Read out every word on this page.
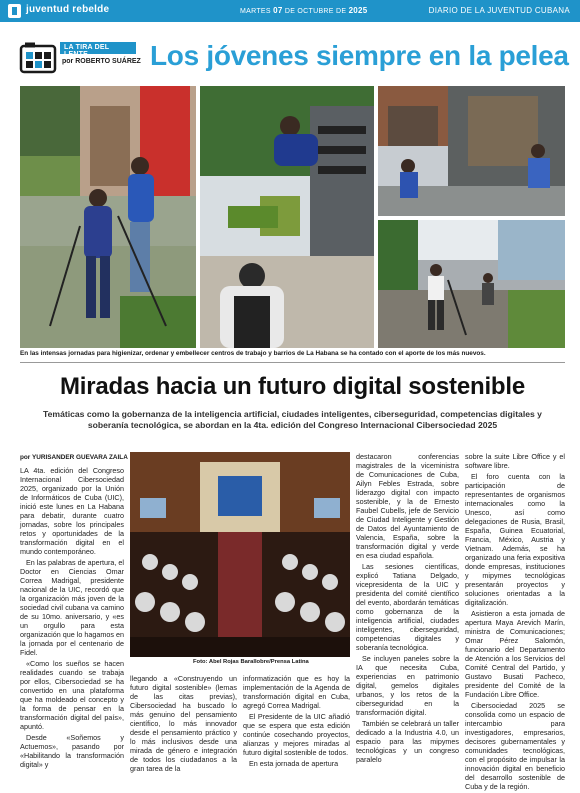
juventud rebelde	MARTES 07 DE OCTUBRE DE 2025	DIARIO DE LA JUVENTUD CUBANA
LA TIRA DEL LENTE
por ROBERTO SUÁREZ Los jóvenes siempre en la pelea
En las intensas jornadas para higienizar, ordenar y embellecer centros de trabajo y barrios de La Habana se ha contado con el aporte de los más nuevos.
Miradas hacia un futuro digital sostenible
Temáticas como la gobernanza de la inteligencia artificial, ciudades inteligentes, ciberseguridad, competencias digitales y soberanía tecnológica, se abordan en la 4ta. edición del Congreso Internacional Cibersociedad 2025
por YURISANDER GUEVARA ZAILA
Foto: Abel Rojas Barallobre/Prensa Latina

LA 4ta. edición del Congreso Internacional Cibersociedad 2025, organizado por la Unión de Informáticos de Cuba (UIC), inició este lunes en La Habana para debatir, durante cuatro jornadas, sobre los principales retos y oportunidades de la transformación digital en el mundo contemporáneo.

En las palabras de apertura, el Doctor en Ciencias Omar Correa Madrigal, presidente nacional de la UIC, recordó que la organización más joven de la sociedad civil cubana va camino de su 10mo. aniversario, y «es un orgullo para esta organización que lo hagamos en la jornada por el centenario de Fidel.

«Como los sueños se hacen realidades cuando se trabaja por ellos, Cibersociedad se ha convertido en una plataforma que ha moldeado el concepto y la forma de pensar en la transformación digital del país», apuntó.

Desde «Soñemos y Actuemos», pasando por «Habilitando la transformación digital» y

llegando a «Construyendo un futuro digital sostenible» (lemas de las citas previas), Cibersociedad ha buscado lo más genuino del pensamiento científico, lo más innovador desde el pensamiento práctico y lo más inclusivos desde una mirada de género e integración de todos los ciudadanos a la gran tarea de la

informatización que es hoy la implementación de la Agenda de transformación digital en Cuba, agregó Correa Madrigal.

El Presidente de la UIC añadió que se espera que esta edición continúe cosechando proyectos, alianzas y mejores miradas al futuro digital sostenible de todos.

En esta jornada de apertura

destacaron conferencias magistrales de la viceministra de Comunicaciones de Cuba, Ailyn Febles Estrada, sobre liderazgo digital con impacto sostenible, y la de Ernesto Faubel Cubells, jefe de Servicio de Ciudad Inteligente y Gestión de Datos del Ayuntamiento de Valencia, España, sobre la transformación digital y verde en esa ciudad española.

Las sesiones científicas, explicó Tatiana Delgado, vicepresidenta de la UIC y presidenta del comité científico del evento, abordarán temáticas como gobernanza de la inteligencia artificial, ciudades inteligentes, ciberseguridad, competencias digitales y soberanía tecnológica.

Se incluyen paneles sobre la IA que necesita Cuba, experiencias en patrimonio digital, gemelos digitales urbanos, y los retos de la ciberseguridad en la transformación digital.

También se celebrará un taller dedicado a la Industria 4.0, un espacio para las mipymes tecnológicas y un congreso paralelo

sobre la suite Libre Office y el software libre.

El foro cuenta con la participación de representantes de organismos internacionales como la Unesco, así como delegaciones de Rusia, Brasil, España, Guinea Ecuatorial, Francia, México, Austria y Vietnam. Además, se ha organizado una feria expositiva donde empresas, instituciones y mipymes tecnológicas presentarán proyectos y soluciones orientadas a la digitalización.

Asistieron a esta jornada de apertura Maya Arevich Marín, ministra de Comunicaciones; Omar Pérez Salomón, funcionario del Departamento de Atención a los Servicios del Comité Central del Partido, y Gustavo Busati Pacheco, presidente del Comité de la Fundación Libre Office.

Cibersociedad 2025 se consolida como un espacio de intercambio para investigadores, empresarios, decisores gubernamentales y comunidades tecnológicas, con el propósito de impulsar la innovación digital en beneficio del desarrollo sostenible de Cuba y de la región.
